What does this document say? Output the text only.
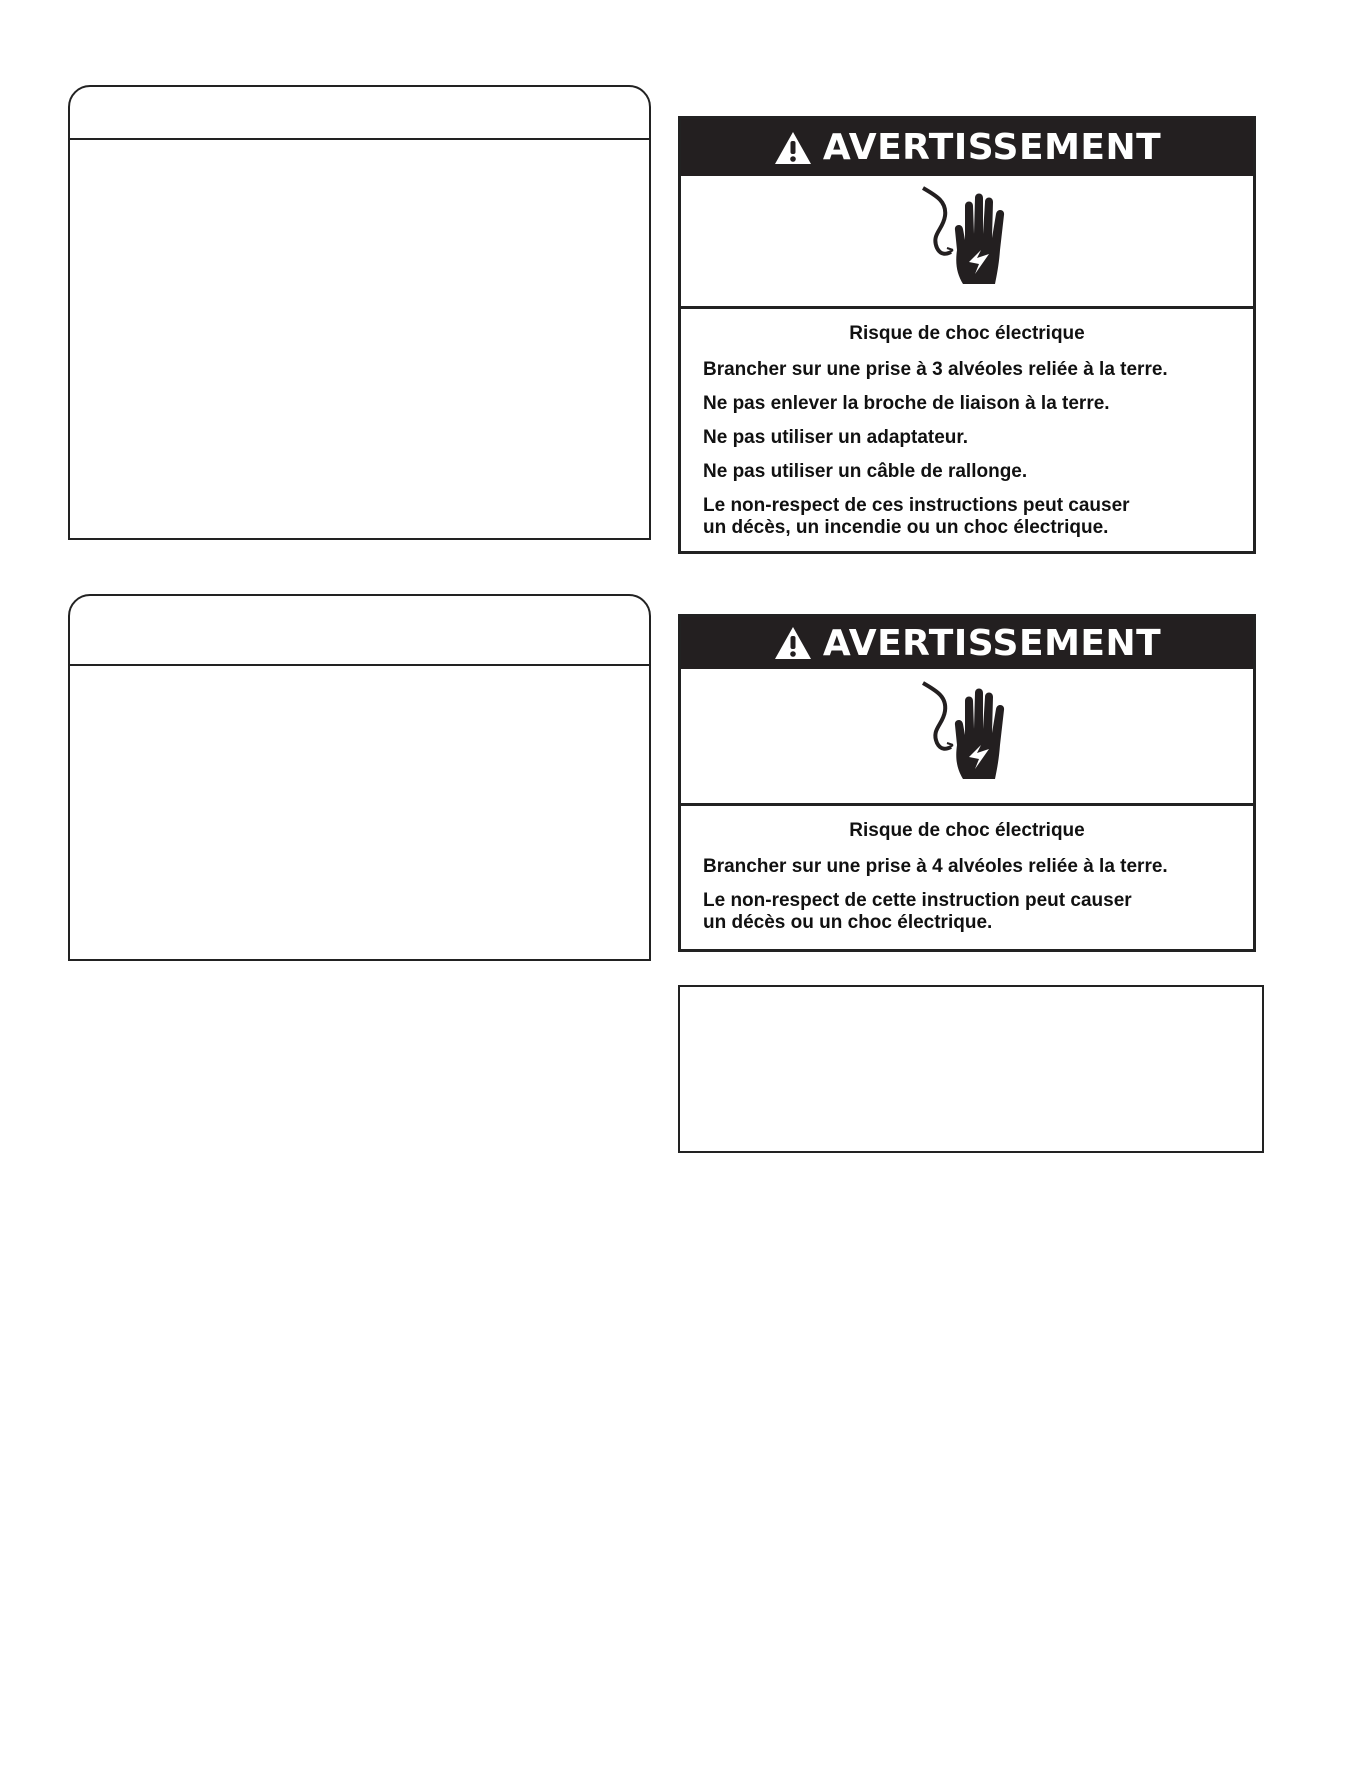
AVERTISSEMENT
Risque de choc électrique
Brancher sur une prise à 3 alvéoles reliée à la terre.
Ne pas enlever la broche de liaison à la terre.
Ne pas utiliser un adaptateur.
Ne pas utiliser un câble de rallonge.
Le non-respect de ces instructions peut causer
un décès, un incendie ou un choc électrique.
AVERTISSEMENT
Risque de choc électrique
Brancher sur une prise à 4 alvéoles reliée à la terre.
Le non-respect de cette instruction peut causer
un décès ou un choc électrique.
